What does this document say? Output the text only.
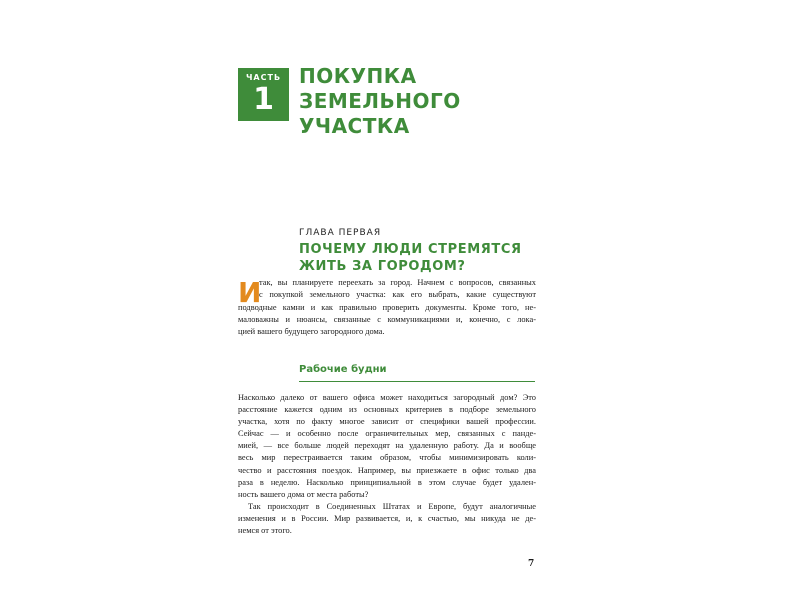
ЧАСТЬ
1
ПОКУПКА
ЗЕМЕЛЬНОГО
УЧАСТКА
ГЛАВА ПЕРВАЯ
ПОЧЕМУ ЛЮДИ СТРЕМЯТСЯ
ЖИТЬ ЗА ГОРОДОМ?
И
так, вы планируете переехать за город. Начнем с вопросов, связанных
с покупкой земельного участка: как его выбрать, какие существуют
подводные камни и как правильно проверить документы. Кроме того, не-
маловажны и нюансы, связанные с коммуникациями и, конечно, с лока-
цией вашего будущего загородного дома.
Рабочие будни
Насколько далеко от вашего офиса может находиться загородный дом? Это
расстояние кажется одним из основных критериев в подборе земельного
участка, хотя по факту многое зависит от специфики вашей профессии.
Сейчас — и особенно после ограничительных мер, связанных с панде-
мией, — все больше людей переходят на удаленную работу. Да и вообще
весь мир перестраивается таким образом, чтобы минимизировать коли-
чество и расстояния поездок. Например, вы приезжаете в офис только два
раза в неделю. Насколько принципиальной в этом случае будет удален-
ность вашего дома от места работы?
Так происходит в Соединенных Штатах и Европе, будут аналогичные
изменения и в России. Мир развивается, и, к счастью, мы никуда не де-
немся от этого.
7
